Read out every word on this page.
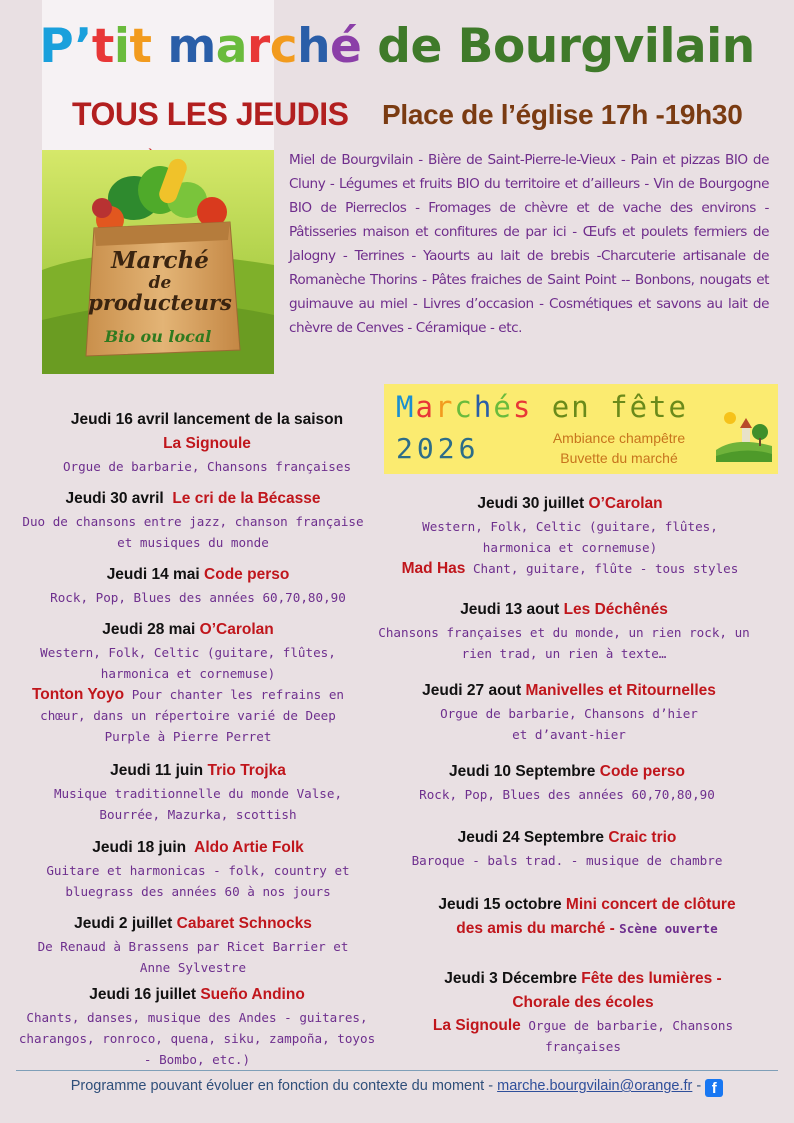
P’tit marché de Bourgvilain
TOUS LES JEUDIS Place de l’église 17h -19h30
Marché
de
producteurs
Bio ou local
Miel de Bourgvilain - Bière de Saint-Pierre-le-Vieux - Pain et pizzas BIO de Cluny - Légumes et fruits BIO du territoire et d’ailleurs - Vin de Bourgogne BIO de Pierreclos - Fromages de chèvre et de vache des environs - Pâtisseries maison et confitures de par ici - Œufs et poulets fermiers de Jalogny - Terrines - Yaourts au lait de brebis -Charcuterie artisanale de Romanèche Thorins - Pâtes fraiches de Saint Point -- Bonbons, nougats et guimauve au miel - Livres d’occasion - Cosmétiques et savons au lait de chèvre de Cenves - Céramique - etc.
Marchés en fête
2026	Ambiance champêtre
Buvette du marché
Jeudi 16 avril lancement de la saison
La Signoule
Orgue de barbarie, Chansons françaises
Jeudi 30 avril Le cri de la Bécasse
Duo de chansons entre jazz, chanson française et musiques du monde
Jeudi 14 mai Code perso
Rock, Pop, Blues des années 60,70,80,90
Jeudi 28 mai O’Carolan
Western, Folk, Celtic (guitare, flûtes, harmonica et cornemuse)
Tonton Yoyo Pour chanter les refrains en chœur, dans un répertoire varié de Deep Purple à Pierre Perret
Jeudi 11 juin Trio Trojka
Musique traditionnelle du monde Valse, Bourrée, Mazurka, scottish
Jeudi 18 juin Aldo Artie Folk
Guitare et harmonicas - folk, country et bluegrass des années 60 à nos jours
Jeudi 2 juillet Cabaret Schnocks
De Renaud à Brassens par Ricet Barrier et Anne Sylvestre
Jeudi 16 juillet Sueño Andino
Chants, danses, musique des Andes - guitares, charangos, ronroco, quena, siku, zampoña, toyos - Bombo, etc.)
Jeudi 30 juillet O’Carolan
Western, Folk, Celtic (guitare, flûtes, harmonica et cornemuse)
Mad Has Chant, guitare, flûte - tous styles
Jeudi 13 aout Les Déchênés
Chansons françaises et du monde, un rien rock, un rien trad, un rien à texte…
Jeudi 27 aout Manivelles et Ritournelles
Orgue de barbarie, Chansons d’hier et d’avant-hier
Jeudi 10 Septembre Code perso
Rock, Pop, Blues des années 60,70,80,90
Jeudi 24 Septembre Craic trio
Baroque - bals trad. - musique de chambre
Jeudi 15 octobre Mini concert de clôture
des amis du marché - Scène ouverte
Jeudi 3 Décembre Fête des lumières -
Chorale des écoles
La Signoule Orgue de barbarie, Chansons françaises
Programme pouvant évoluer en fonction du contexte du moment - marche.bourgvilain@orange.fr - f
